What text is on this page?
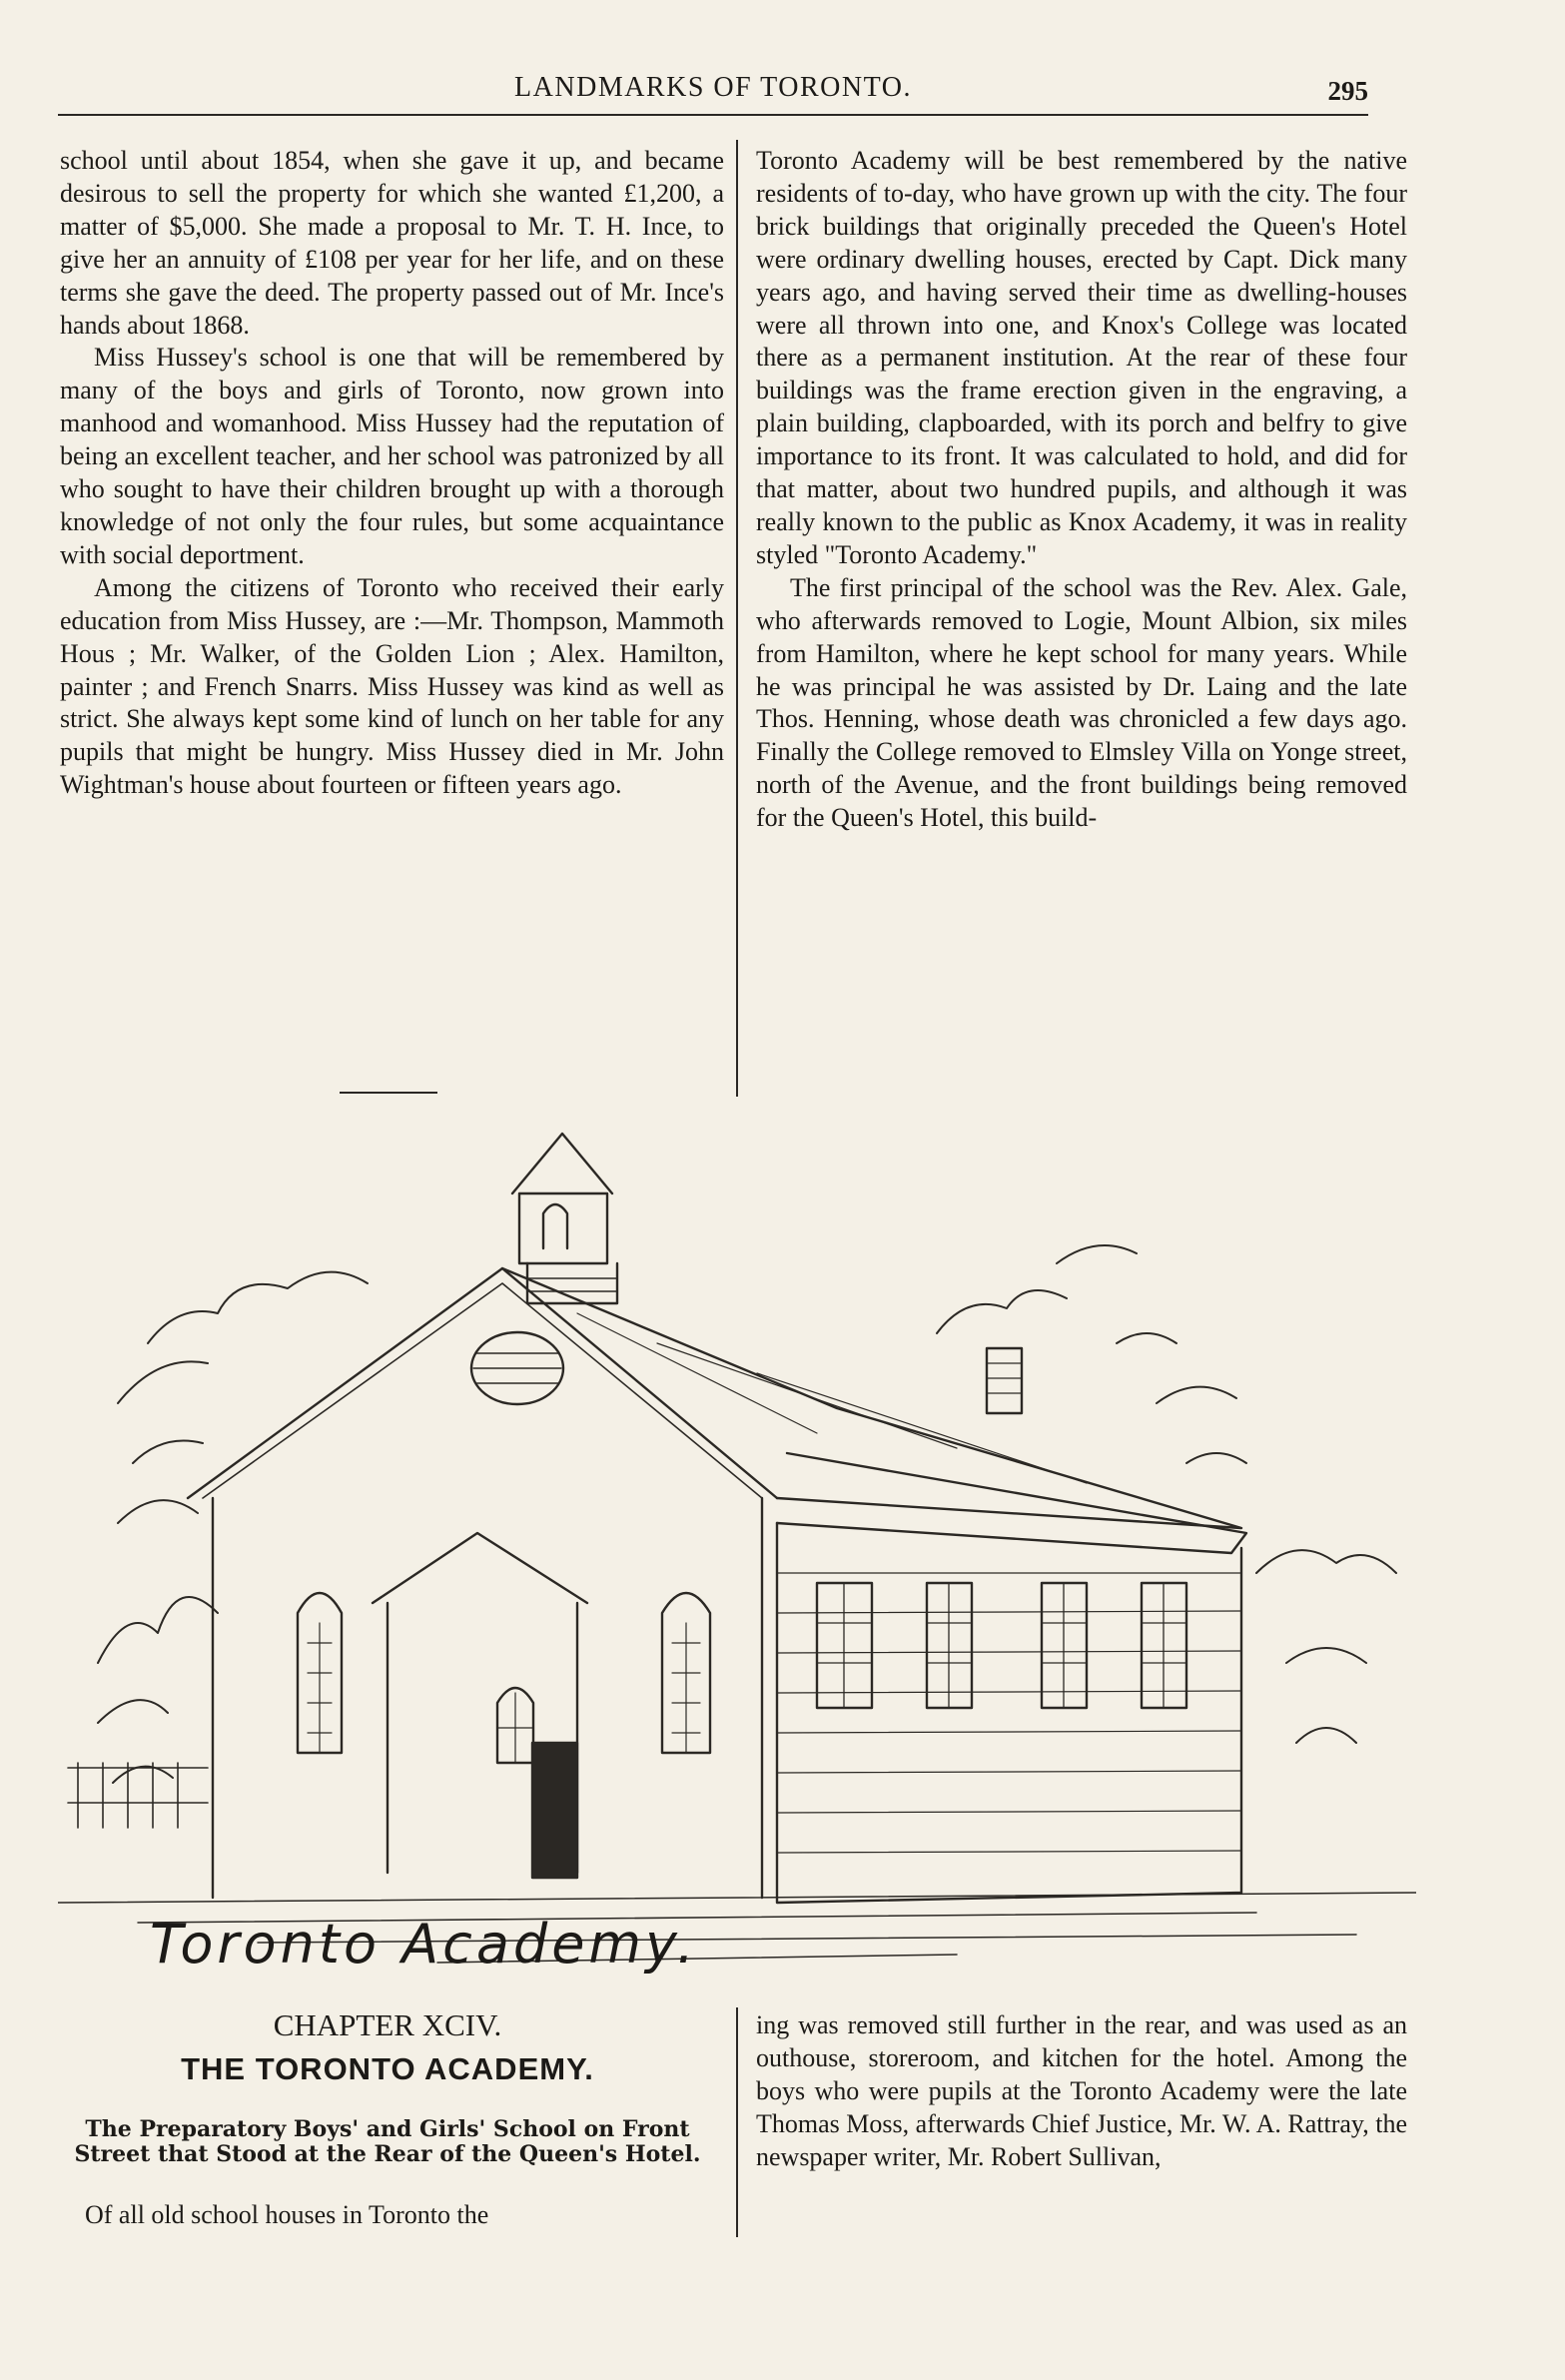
LANDMARKS OF TORONTO.	295

school until about 1854, when she gave it up, and became desirous to sell the property for which she wanted £1,200, a matter of $5,000. She made a proposal to Mr. T. H. Ince, to give her an annuity of £108 per year for her life, and on these terms she gave the deed. The property passed out of Mr. Ince's hands about 1868.

Miss Hussey's school is one that will be remembered by many of the boys and girls of Toronto, now grown into manhood and womanhood. Miss Hussey had the reputation of being an excellent teacher, and her school was patronized by all who sought to have their children brought up with a thorough knowledge of not only the four rules, but some acquaintance with social deportment.

Among the citizens of Toronto who received their early education from Miss Hussey, are :—Mr. Thompson, Mammoth Hous ; Mr. Walker, of the Golden Lion ; Alex. Hamilton, painter ; and French Snarrs. Miss Hussey was kind as well as strict. She always kept some kind of lunch on her table for any pupils that might be hungry. Miss Hussey died in Mr. John Wightman's house about fourteen or fifteen years ago.

Toronto Academy will be best remembered by the native residents of to-day, who have grown up with the city. The four brick buildings that originally preceded the Queen's Hotel were ordinary dwelling houses, erected by Capt. Dick many years ago, and having served their time as dwelling-houses were all thrown into one, and Knox's College was located there as a permanent institution. At the rear of these four buildings was the frame erection given in the engraving, a plain building, clapboarded, with its porch and belfry to give importance to its front. It was calculated to hold, and did for that matter, about two hundred pupils, and although it was really known to the public as Knox Academy, it was in reality styled "Toronto Academy."

The first principal of the school was the Rev. Alex. Gale, who afterwards removed to Logie, Mount Albion, six miles from Hamilton, where he kept school for many years. While he was principal he was assisted by Dr. Laing and the late Thos. Henning, whose death was chronicled a few days ago. Finally the College removed to Elmsley Villa on Yonge street, north of the Avenue, and the front buildings being removed for the Queen's Hotel, this build-

Toronto Academy.
CHAPTER XCIV.
THE TORONTO ACADEMY.
The Preparatory Boys' and Girls' School on Front Street that Stood at the Rear of the Queen's Hotel.

Of all old school houses in Toronto the

ing was removed still further in the rear, and was used as an outhouse, storeroom, and kitchen for the hotel. Among the boys who were pupils at the Toronto Academy were the late Thomas Moss, afterwards Chief Justice, Mr. W. A. Rattray, the newspaper writer, Mr. Robert Sullivan,
